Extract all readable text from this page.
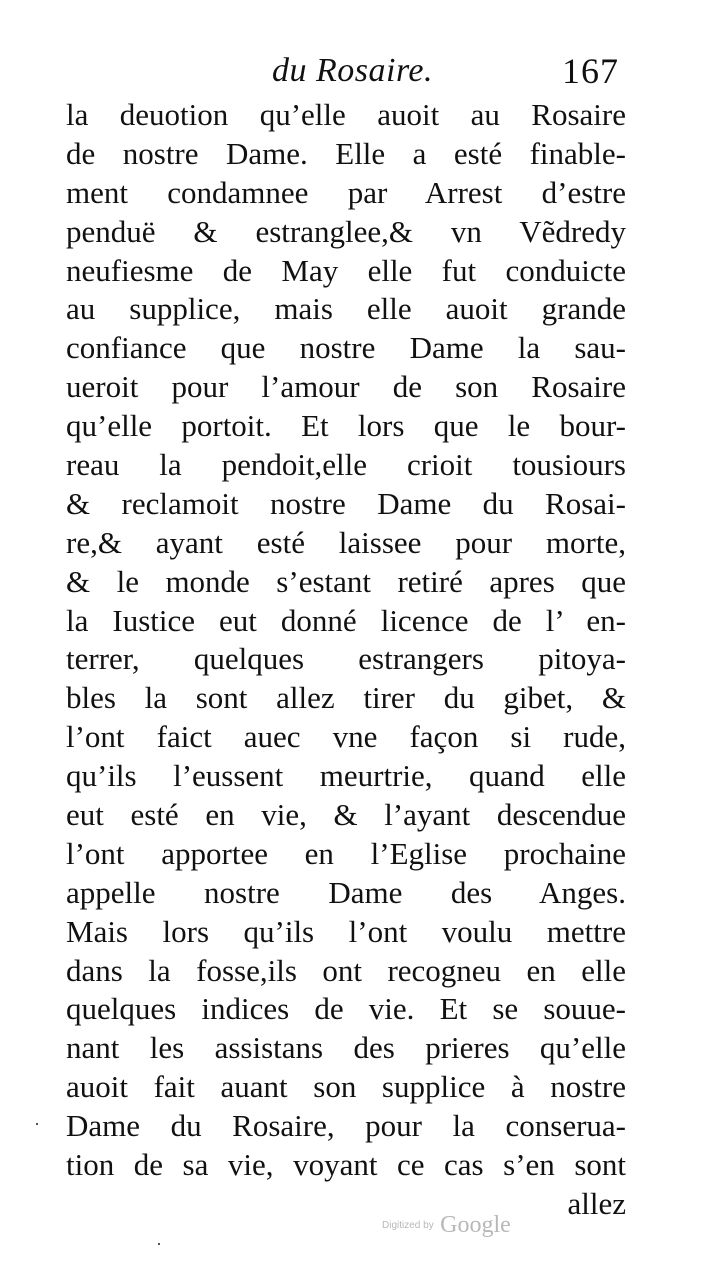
du Rosaire.	167
la deuotion qu’elle auoit au Rosaire
de nostre Dame. Elle a esté finable-
ment condamnee par Arrest d’estre
penduë & estranglee,& vn Vẽdredy
neufiesme de May elle fut conduicte
au supplice, mais elle auoit grande
confiance que nostre Dame la sau-
ueroit pour l’amour de son Rosaire
qu’elle portoit. Et lors que le bour-
reau la pendoit,elle crioit tousiours
& reclamoit nostre Dame du Rosai-
re,& ayant esté laissee pour morte,
& le monde s’estant retiré apres que
la Iustice eut donné licence de l’ en-
terrer, quelques estrangers pitoya-
bles la sont allez tirer du gibet, &
l’ont faict auec vne façon si rude,
qu’ils l’eussent meurtrie, quand elle
eut esté en vie, & l’ayant descendue
l’ont apportee en l’Eglise prochaine
appelle nostre Dame des Anges.
Mais lors qu’ils l’ont voulu mettre
dans la fosse,ils ont recogneu en elle
quelques indices de vie. Et se souue-
nant les assistans des prieres qu’elle
auoit fait auant son supplice à nostre
Dame du Rosaire, pour la conserua-
tion de sa vie, voyant ce cas s’en sont
allez
·
·
Digitized by Google
